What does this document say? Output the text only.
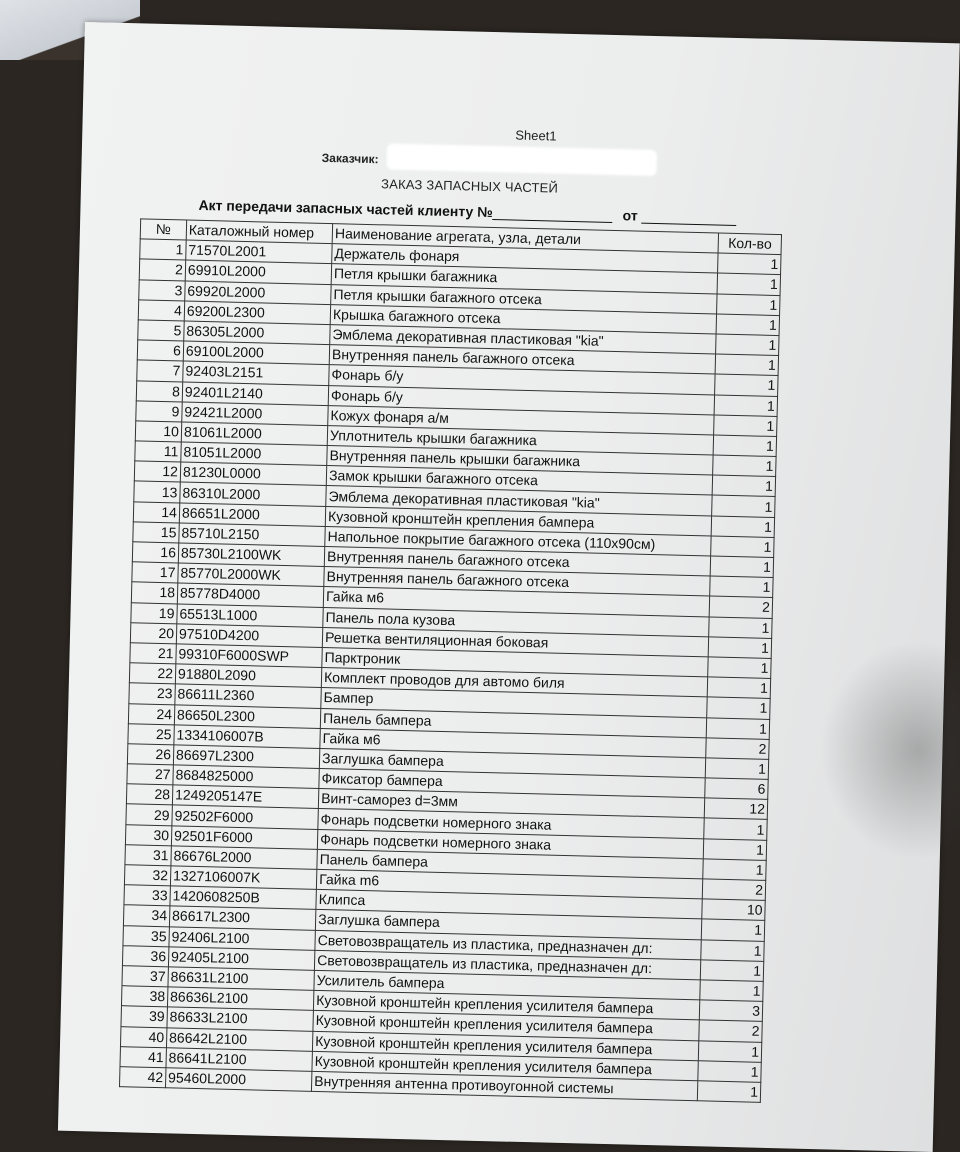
Sheet1
Заказчик:
ЗАКАЗ ЗАПАСНЫХ ЧАСТЕЙ
Акт передачи запасных частей клиенту №	от
№	Каталожный номер	Наименование агрегата, узла, детали	Кол-во
1	71570L2001	Держатель фонаря	1
2	69910L2000	Петля крышки багажника	1
3	69920L2000	Петля крышки багажного отсека	1
4	69200L2300	Крышка багажного отсека	1
5	86305L2000	Эмблема декоративная пластиковая "kia"	1
6	69100L2000	Внутренняя панель багажного отсека	1
7	92403L2151	Фонарь б/у	1
8	92401L2140	Фонарь б/у	1
9	92421L2000	Кожух фонаря а/м	1
10	81061L2000	Уплотнитель крышки багажника	1
11	81051L2000	Внутренняя панель крышки багажника	1
12	81230L0000	Замок крышки багажного отсека	1
13	86310L2000	Эмблема декоративная пластиковая "kia"	1
14	86651L2000	Кузовной кронштейн крепления бампера	1
15	85710L2150	Напольное покрытие багажного отсека (110х90см)	1
16	85730L2100WK	Внутренняя панель багажного отсека	1
17	85770L2000WK	Внутренняя панель багажного отсека	1
18	85778D4000	Гайка м6	2
19	65513L1000	Панель пола кузова	1
20	97510D4200	Решетка вентиляционная боковая	1
21	99310F6000SWP	Парктроник	1
22	91880L2090	Комплект проводов для автомо биля	1
23	86611L2360	Бампер	1
24	86650L2300	Панель бампера	1
25	1334106007B	Гайка м6	2
26	86697L2300	Заглушка бампера	1
27	8684825000	Фиксатор бампера	6
28	1249205147E	Винт-саморез d=3мм	12
29	92502F6000	Фонарь подсветки номерного знака	1
30	92501F6000	Фонарь подсветки номерного знака	1
31	86676L2000	Панель бампера	1
32	1327106007K	Гайка m6	2
33	1420608250B	Клипса	10
34	86617L2300	Заглушка бампера	1
35	92406L2100	Световозвращатель из пластика, предназначен дл:	1
36	92405L2100	Световозвращатель из пластика, предназначен дл:	1
37	86631L2100	Усилитель бампера	1
38	86636L2100	Кузовной кронштейн крепления усилителя бампера	3
39	86633L2100	Кузовной кронштейн крепления усилителя бампера	2
40	86642L2100	Кузовной кронштейн крепления усилителя бампера	1
41	86641L2100	Кузовной кронштейн крепления усилителя бампера	1
42	95460L2000	Внутренняя антенна противоугонной системы	1
